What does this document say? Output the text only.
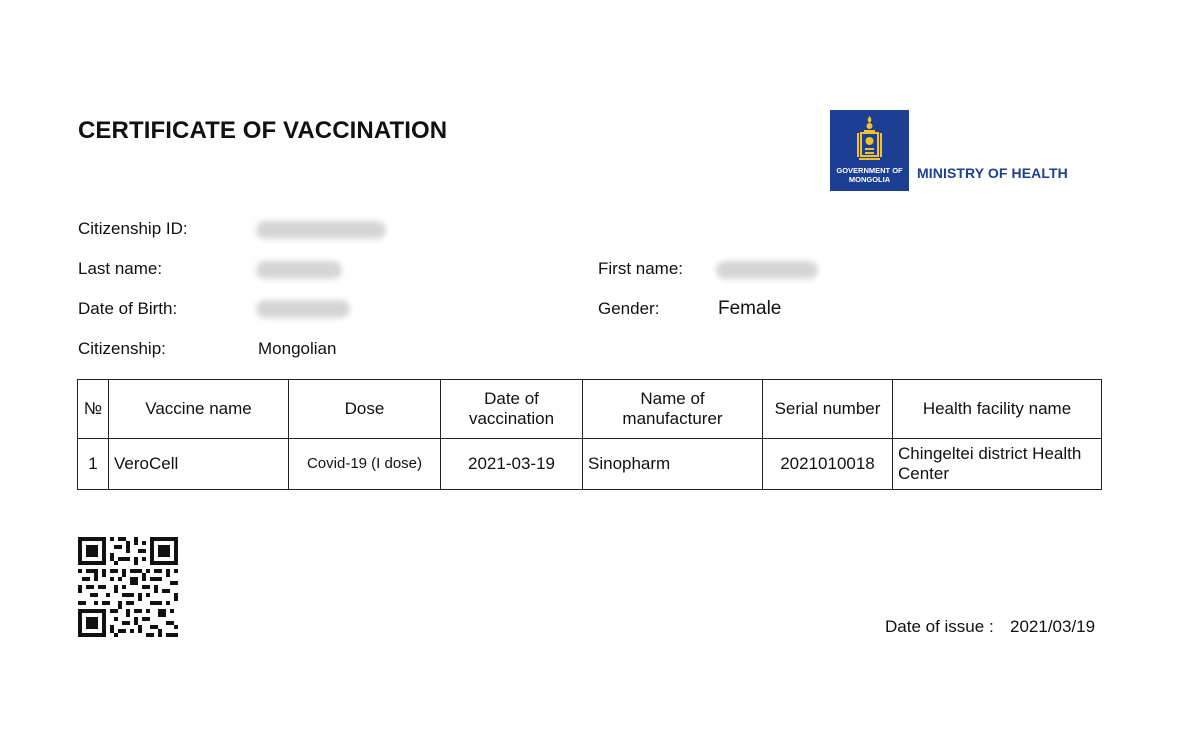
CERTIFICATE OF VACCINATION
GOVERNMENT OF
MONGOLIA	MINISTRY OF HEALTH
Citizenship ID:
Last name:	First name:
Date of Birth:	Gender:	Female
Citizenship:	Mongolian
№	Vaccine name	Dose	Date of vaccination	Name of manufacturer	Serial number	Health facility name
1	VeroCell	Covid-19 (I dose)	2021-03-19	Sinopharm	2021010018	Chingeltei district Health Center
Date of issue : 2021/03/19
